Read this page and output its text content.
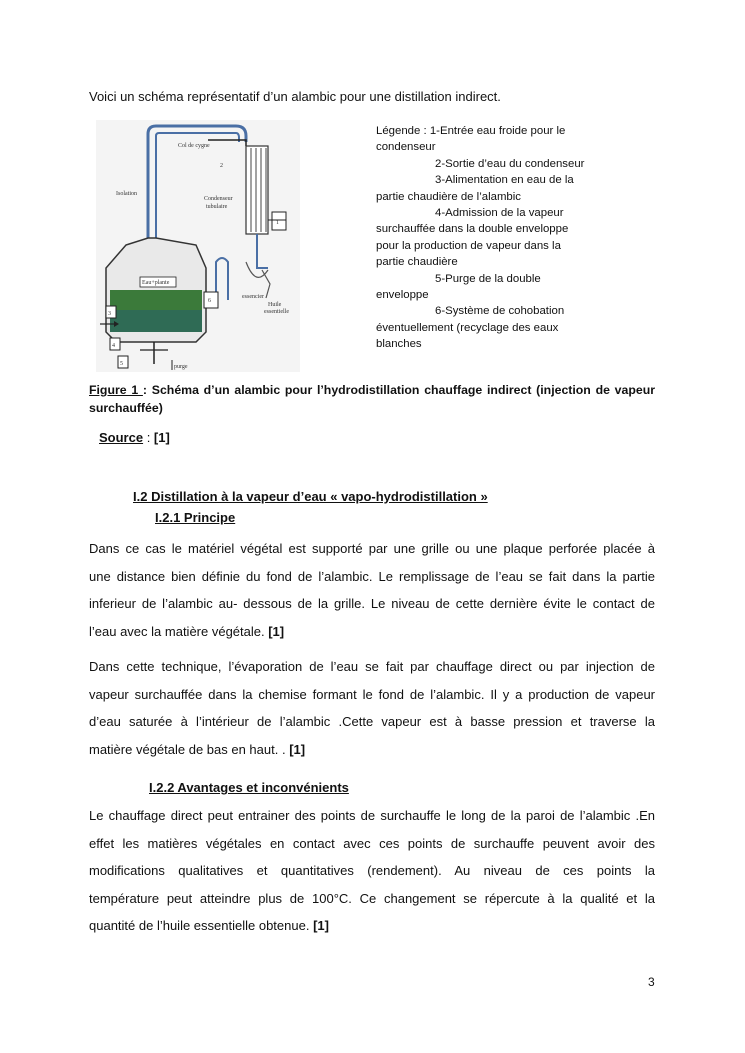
Voici un schéma représentatif d’un alambic pour une distillation indirect.
Col de cygne
Isolation
Condenseur
tubulaire
Eau+plante
essencier
Huile
essentielle
purge
1
2
3
4
5
6
Légende : 1-Entrée eau froide pour le
condenseur
2-Sortie d’eau du condenseur
3-Alimentation en eau de la
partie chaudière de l’alambic
4-Admission de la vapeur
surchauffée dans la double enveloppe
pour la production de vapeur dans la
partie chaudière
5-Purge de la double
enveloppe
6-Système de cohobation
éventuellement (recyclage des eaux
blanches
Figure 1 : Schéma d’un alambic pour l’hydrodistillation chauffage indirect (injection de vapeur surchauffée)
Source : [1]
I.2 Distillation à la vapeur d’eau « vapo-hydrodistillation »
I.2.1 Principe
Dans ce cas le matériel végétal est supporté par une grille ou une plaque perforée placée à
une distance bien définie du fond de l’alambic. Le remplissage de l’eau se fait dans la partie
inferieur de l’alambic au- dessous de la grille. Le niveau de cette dernière évite le contact de
l’eau avec la matière végétale. [1]
Dans cette technique, l’évaporation de l’eau se fait par chauffage direct ou par injection de
vapeur surchauffée dans la chemise formant le fond de l’alambic. Il y a production de vapeur
d’eau saturée à l’intérieur de l’alambic .Cette vapeur est à basse pression et traverse la
matière végétale de bas en haut. . [1]
I.2.2 Avantages et inconvénients
Le chauffage direct peut entrainer des points de surchauffe le long de la paroi de l’alambic .En
effet les matières végétales en contact avec ces points de surchauffe peuvent avoir des
modifications qualitatives et quantitatives (rendement). Au niveau de ces points la
température peut atteindre plus de 100°C. Ce changement se répercute à la qualité et la
quantité de l’huile essentielle obtenue. [1]
3
